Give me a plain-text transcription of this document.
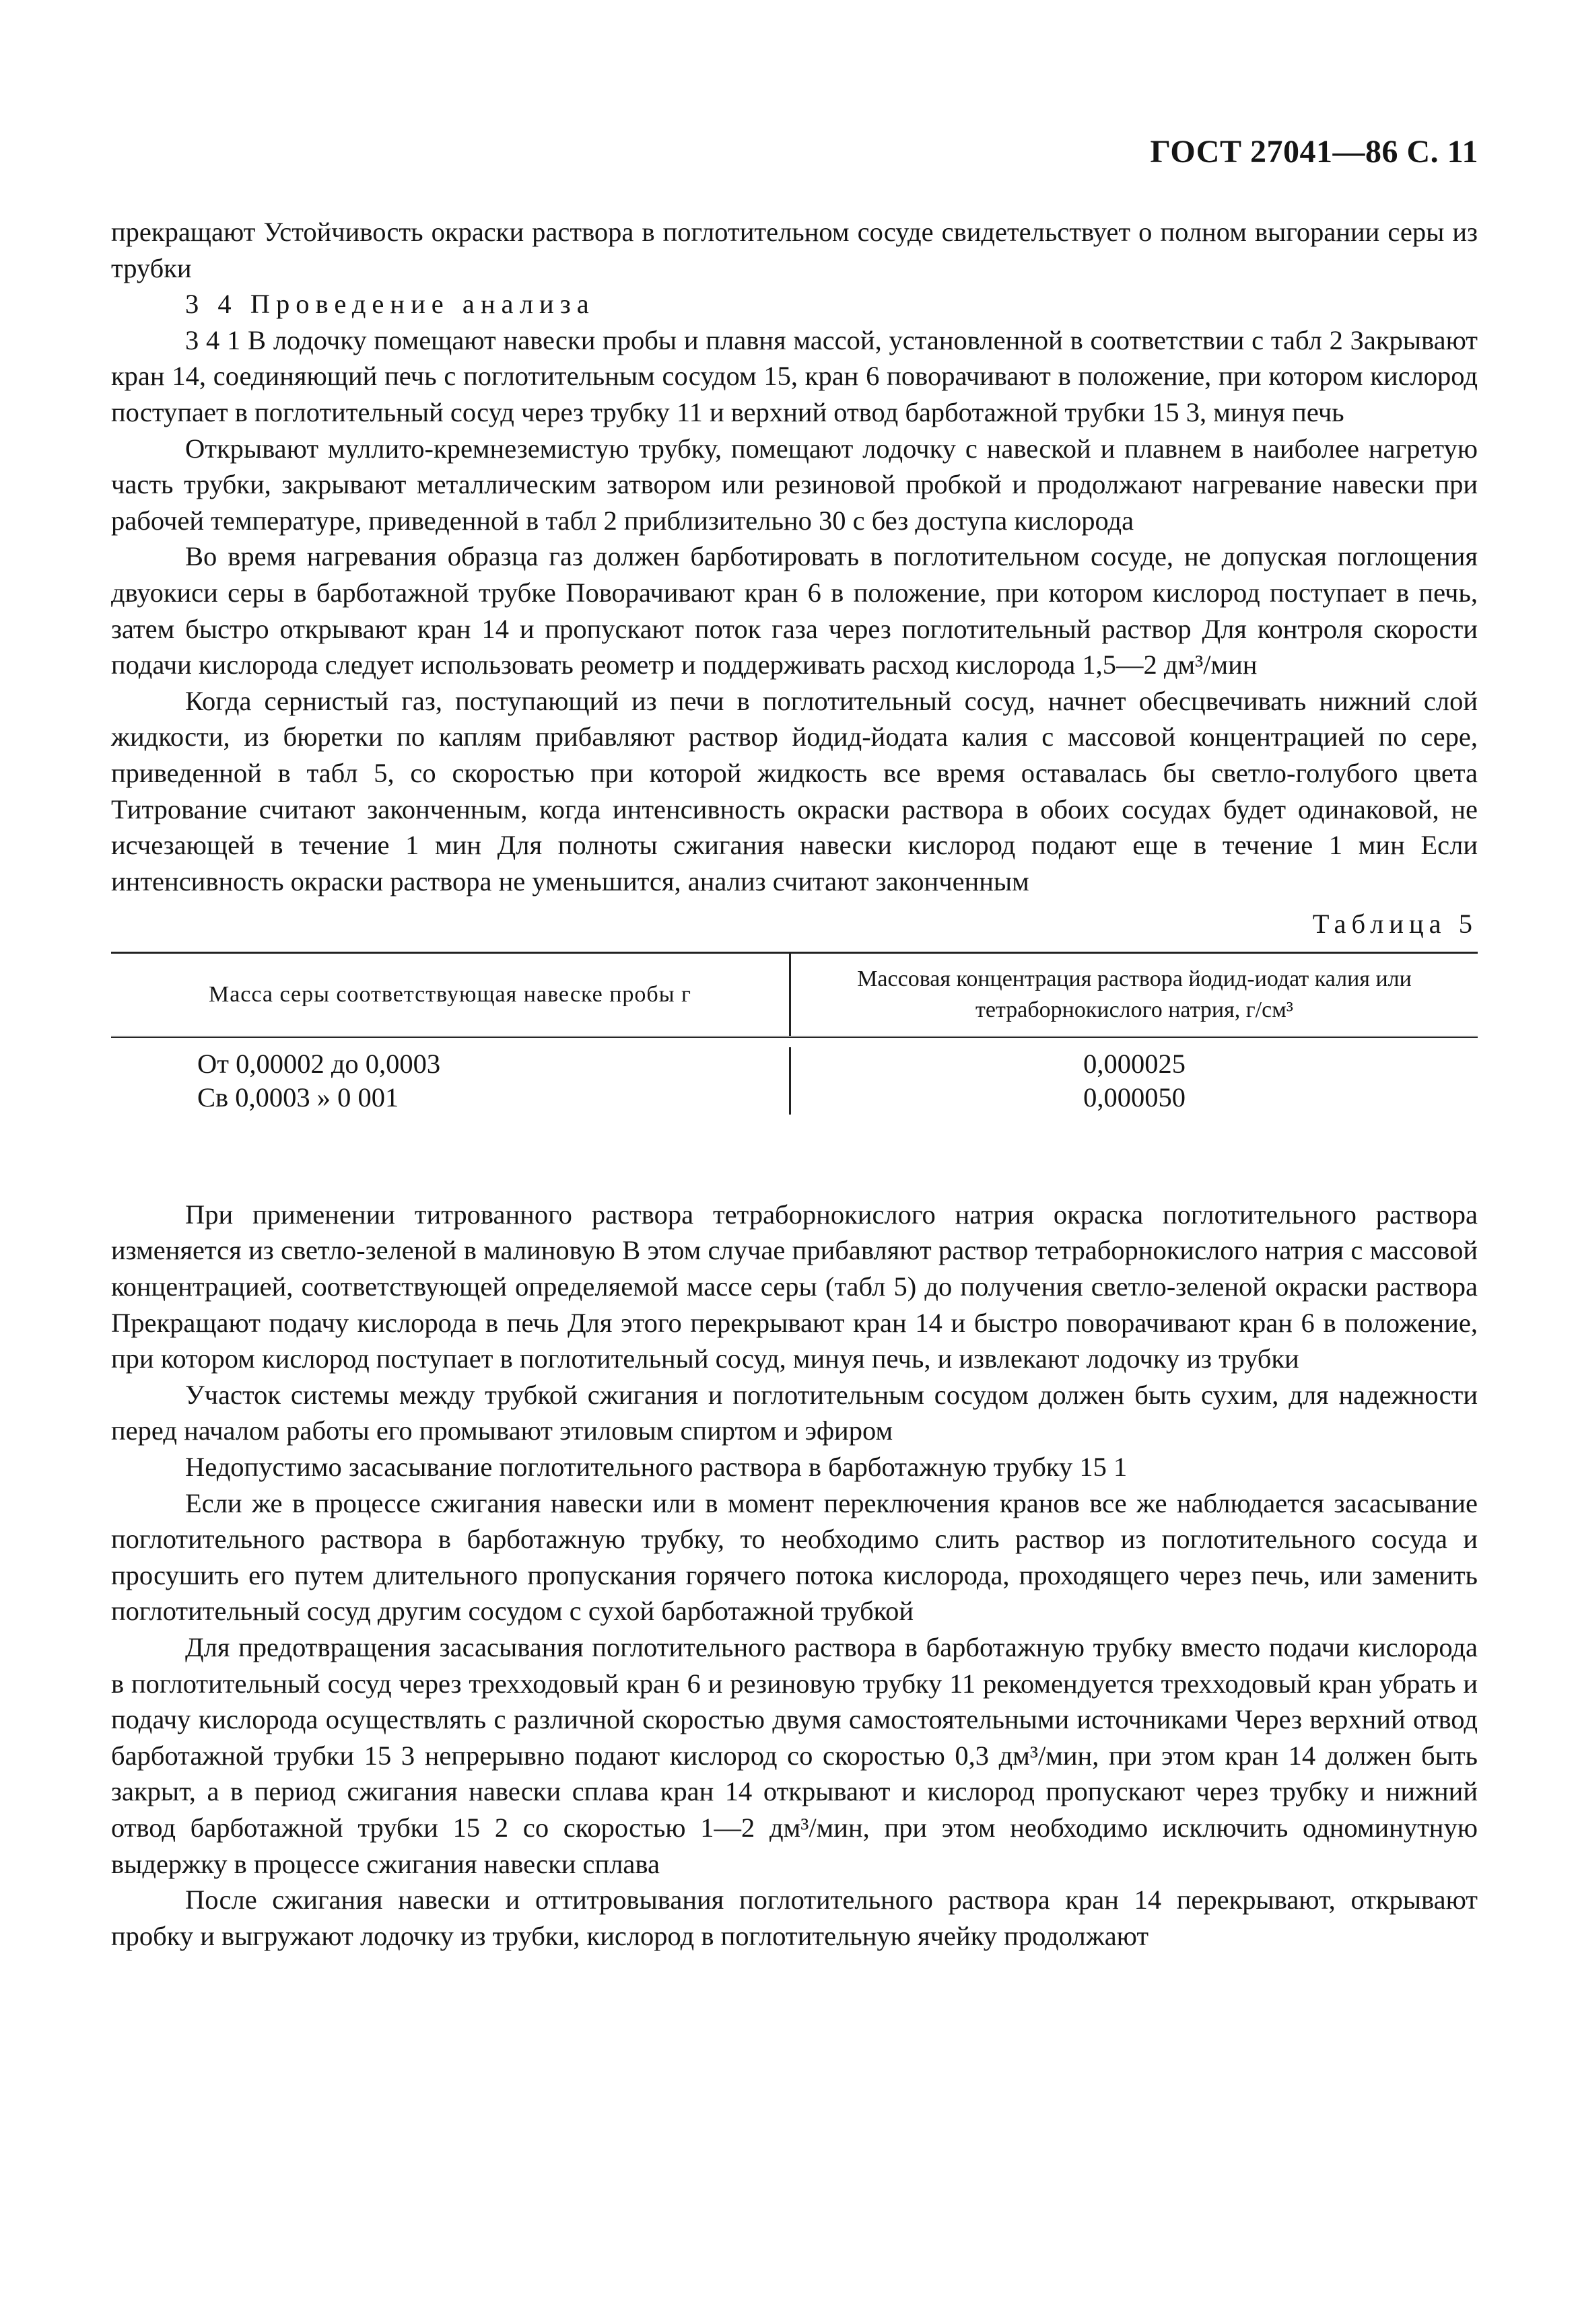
ГОСТ 27041—86 С. 11

прекращают Устойчивость окраски раствора в поглотительном сосуде свидетельствует о полном выгорании серы из трубки

3 4 Проведение анализа

3 4 1 В лодочку помещают навески пробы и плавня массой, установленной в соответствии с табл 2 Закрывают кран 14, соединяющий печь с поглотительным сосудом 15, кран 6 поворачивают в положение, при котором кислород поступает в поглотительный сосуд через трубку 11 и верхний отвод барботажной трубки 15 3, минуя печь

Открывают муллито-кремнеземистую трубку, помещают лодочку с навеской и плавнем в наиболее нагретую часть трубки, закрывают металлическим затвором или резиновой пробкой и продолжают нагревание навески при рабочей температуре, приведенной в табл 2 приблизительно 30 с без доступа кислорода

Во время нагревания образца газ должен барботировать в поглотительном сосуде, не допуская поглощения двуокиси серы в барботажной трубке Поворачивают кран 6 в положение, при котором кислород поступает в печь, затем быстро открывают кран 14 и пропускают поток газа через поглотительный раствор Для контроля скорости подачи кислорода следует использовать реометр и поддерживать расход кислорода 1,5—2 дм³/мин

Когда сернистый газ, поступающий из печи в поглотительный сосуд, начнет обесцвечивать нижний слой жидкости, из бюретки по каплям прибавляют раствор йодид-йодата калия с массовой концентрацией по сере, приведенной в табл 5, со скоростью при которой жидкость все время оставалась бы светло-голубого цвета Титрование считают законченным, когда интенсивность окраски раствора в обоих сосудах будет одинаковой, не исчезающей в течение 1 мин Для полноты сжигания навески кислород подают еще в течение 1 мин Если интенсивность окраски раствора не уменьшится, анализ считают законченным

Таблица 5
Масса серы соответствующая навеске пробы г
Массовая концентрация раствора йодид-иодат калия или тетраборнокислого натрия, г/см³
От 0,00002 до 0,0003	0,000025
Св 0,0003 » 0 001	0,000050

При применении титрованного раствора тетраборнокислого натрия окраска поглотительного раствора изменяется из светло-зеленой в малиновую В этом случае прибавляют раствор тетраборнокислого натрия с массовой концентрацией, соответствующей определяемой массе серы (табл 5) до получения светло-зеленой окраски раствора Прекращают подачу кислорода в печь Для этого перекрывают кран 14 и быстро поворачивают кран 6 в положение, при котором кислород поступает в поглотительный сосуд, минуя печь, и извлекают лодочку из трубки

Участок системы между трубкой сжигания и поглотительным сосудом должен быть сухим, для надежности перед началом работы его промывают этиловым спиртом и эфиром

Недопустимо засасывание поглотительного раствора в барботажную трубку 15 1

Если же в процессе сжигания навески или в момент переключения кранов все же наблюдается засасывание поглотительного раствора в барботажную трубку, то необходимо слить раствор из поглотительного сосуда и просушить его путем длительного пропускания горячего потока кислорода, проходящего через печь, или заменить поглотительный сосуд другим сосудом с сухой барботажной трубкой

Для предотвращения засасывания поглотительного раствора в барботажную трубку вместо подачи кислорода в поглотительный сосуд через трехходовый кран 6 и резиновую трубку 11 рекомендуется трехходовый кран убрать и подачу кислорода осуществлять с различной скоростью двумя самостоятельными источниками Через верхний отвод барботажной трубки 15 3 непрерывно подают кислород со скоростью 0,3 дм³/мин, при этом кран 14 должен быть закрыт, а в период сжигания навески сплава кран 14 открывают и кислород пропускают через трубку и нижний отвод барботажной трубки 15 2 со скоростью 1—2 дм³/мин, при этом необходимо исключить одноминутную выдержку в процессе сжигания навески сплава

После сжигания навески и оттитровывания поглотительного раствора кран 14 перекрывают, открывают пробку и выгружают лодочку из трубки, кислород в поглотительную ячейку продолжают
